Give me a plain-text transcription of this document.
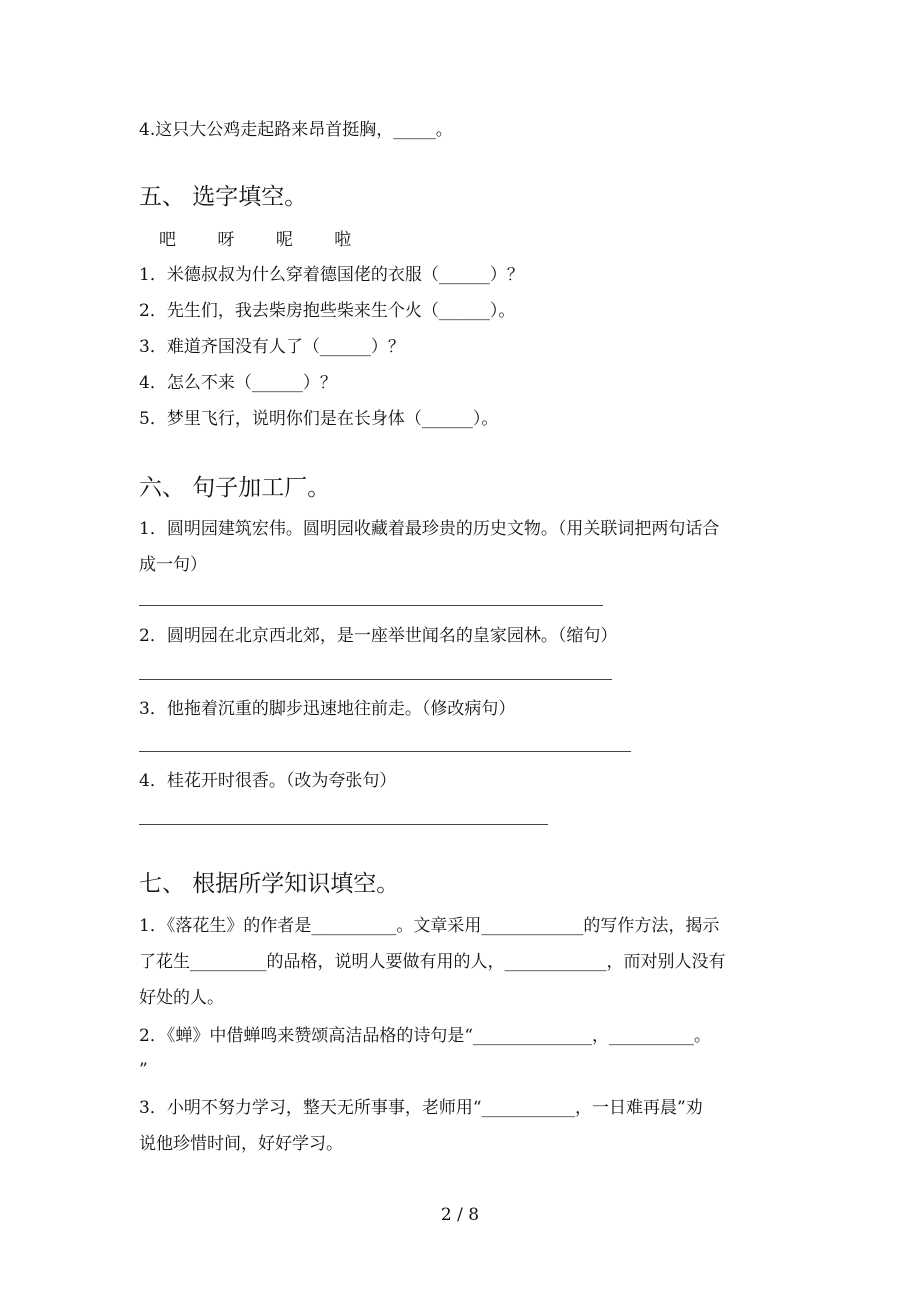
4.这只大公鸡走起路来昂首挺胸，_____。
五、 选字填空。
吧 呀 呢 啦
1．米德叔叔为什么穿着德国佬的衣服（______）？
2．先生们，我去柴房抱些柴来生个火（______）。
3．难道齐国没有人了（______）？
4．怎么不来（______）？
5．梦里飞行，说明你们是在长身体（______）。
六、 句子加工厂。
1．圆明园建筑宏伟。圆明园收藏着最珍贵的历史文物。（用关联词把两句话合
成一句）
2．圆明园在北京西北郊，是一座举世闻名的皇家园林。（缩句）
3．他拖着沉重的脚步迅速地往前走。（修改病句）
4．桂花开时很香。（改为夸张句）
七、 根据所学知识填空。
1．《落花生》的作者是__________。文章采用____________的写作方法，揭示
了花生_________的品格，说明人要做有用的人，____________，而对别人没有
好处的人。
2．《蝉》中借蝉鸣来赞颂高洁品格的诗句是“______________，__________。
”
3．小明不努力学习，整天无所事事，老师用“___________，一日难再晨”劝
说他珍惜时间，好好学习。
2 / 8
